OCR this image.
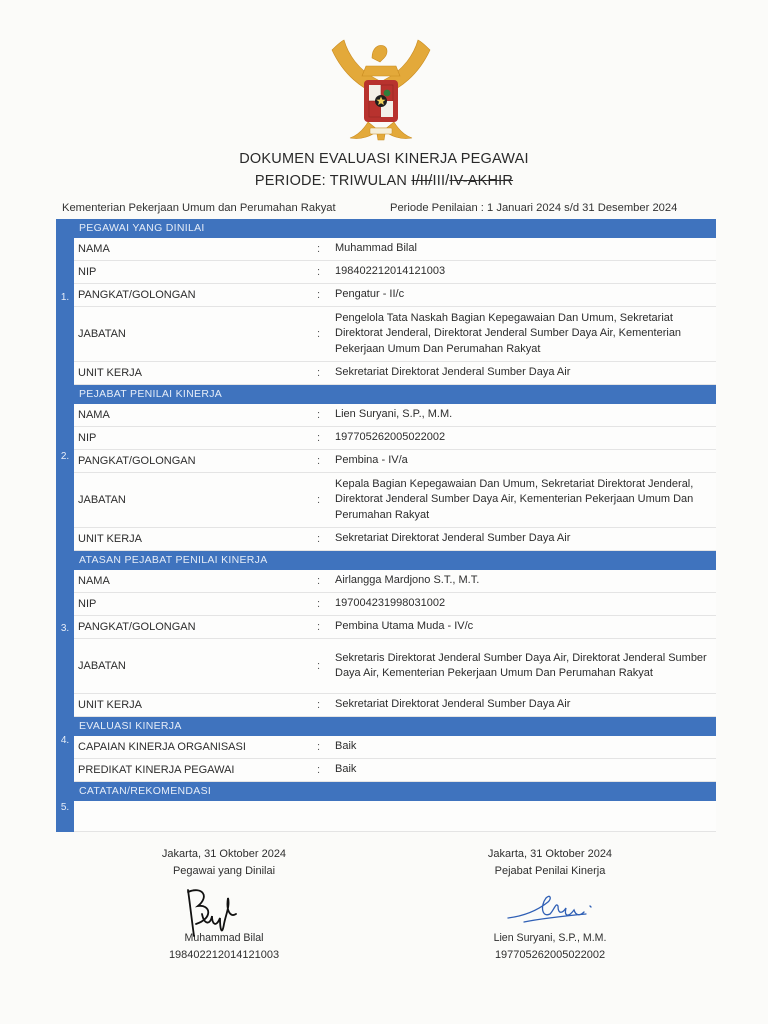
DOKUMEN EVALUASI KINERJA PEGAWAI
PERIODE: TRIWULAN I/II/III/IV-AKHIR
Kementerian Pekerjaan Umum dan Perumahan Rakyat	Periode Penilaian : 1 Januari 2024 s/d 31 Desember 2024
1.
PEGAWAI YANG DINILAI
NAMA	:	Muhammad Bilal
NIP	:	198402212014121003
PANGKAT/GOLONGAN	:	Pengatur - II/c
JABATAN	:
Pengelola Tata Naskah Bagian Kepegawaian Dan Umum, Sekretariat Direktorat Jenderal, Direktorat Jenderal Sumber Daya Air, Kementerian Pekerjaan Umum Dan Perumahan Rakyat
UNIT KERJA	:	Sekretariat Direktorat Jenderal Sumber Daya Air
2.
PEJABAT PENILAI KINERJA
NAMA	:	Lien Suryani, S.P., M.M.
NIP	:	197705262005022002
PANGKAT/GOLONGAN	:	Pembina - IV/a
JABATAN	:
Kepala Bagian Kepegawaian Dan Umum, Sekretariat Direktorat Jenderal, Direktorat Jenderal Sumber Daya Air, Kementerian Pekerjaan Umum Dan Perumahan Rakyat
UNIT KERJA	:	Sekretariat Direktorat Jenderal Sumber Daya Air
3.
ATASAN PEJABAT PENILAI KINERJA
NAMA	:	Airlangga Mardjono S.T., M.T.
NIP	:	197004231998031002
PANGKAT/GOLONGAN	:	Pembina Utama Muda - IV/c
JABATAN	:
Sekretaris Direktorat Jenderal Sumber Daya Air, Direktorat Jenderal Sumber Daya Air, Kementerian Pekerjaan Umum Dan Perumahan Rakyat
UNIT KERJA	:	Sekretariat Direktorat Jenderal Sumber Daya Air
4.
EVALUASI KINERJA
CAPAIAN KINERJA ORGANISASI	:	Baik
PREDIKAT KINERJA PEGAWAI	:	Baik
5.
CATATAN/REKOMENDASI
Jakarta, 31 Oktober 2024
Pegawai yang Dinilai
Muhammad Bilal
198402212014121003
Jakarta, 31 Oktober 2024
Pejabat Penilai Kinerja
Lien Suryani, S.P., M.M.
197705262005022002
